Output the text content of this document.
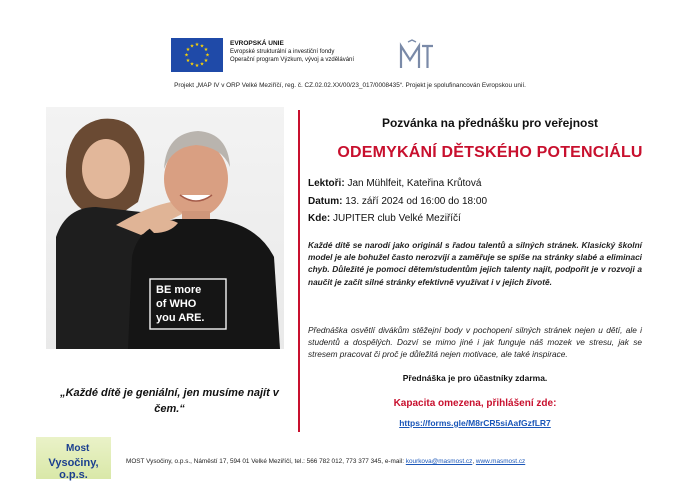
★ ★
★
★
★
★
★
★
★
★
★
★	EVROPSKÁ UNIE
Evropské strukturální a investiční fondy
Operační program Výzkum, vývoj a vzdělávání

Projekt „MAP IV v ORP Velké Meziříčí, reg. č. CZ.02.02.XX/00/23_017/0008435“. Projekt je spolufinancován Evropskou unií.
BE more
of WHO
you ARE.
„Každé dítě je geniální, jen musíme najít v čem.“
Pozvánka na přednášku pro veřejnost
ODEMYKÁNÍ DĚTSKÉHO POTENCIÁLU
Lektoři: Jan Mühlfeit, Kateřina Krůtová
Datum: 13. září 2024 od 16:00 do 18:00
Kde: JUPITER club Velké Meziříčí
Každé dítě se narodí jako originál s řadou talentů a silných stránek. Klasický školní model je ale bohužel často nerozvíjí a zaměřuje se spíše na stránky slabé a eliminaci chyb. Důležité je pomoci dětem/studentům jejich talenty najít, podpořit je v rozvoji a naučit je začít silné stránky efektivně využívat i v jejich životě.
Přednáška osvětlí divákům stěžejní body v pochopení silných stránek nejen u dětí, ale i studentů a dospělých. Dozví se mimo jiné i jak funguje náš mozek ve stresu, jak se stresem pracovat či proč je důležitá nejen motivace, ale také inspirace.
Přednáška je pro účastníky zdarma.
Kapacita omezena, přihlášení zde:
https://forms.gle/M8rCR5siAafGzfLR7
Most
Vysočiny, o.p.s.
MOST Vysočiny, o.p.s., Náměstí 17, 594 01 Velké Meziříčí, tel.: 566 782 012, 773 377 345, e-mail: kourkova@masmost.cz, www.masmost.cz
